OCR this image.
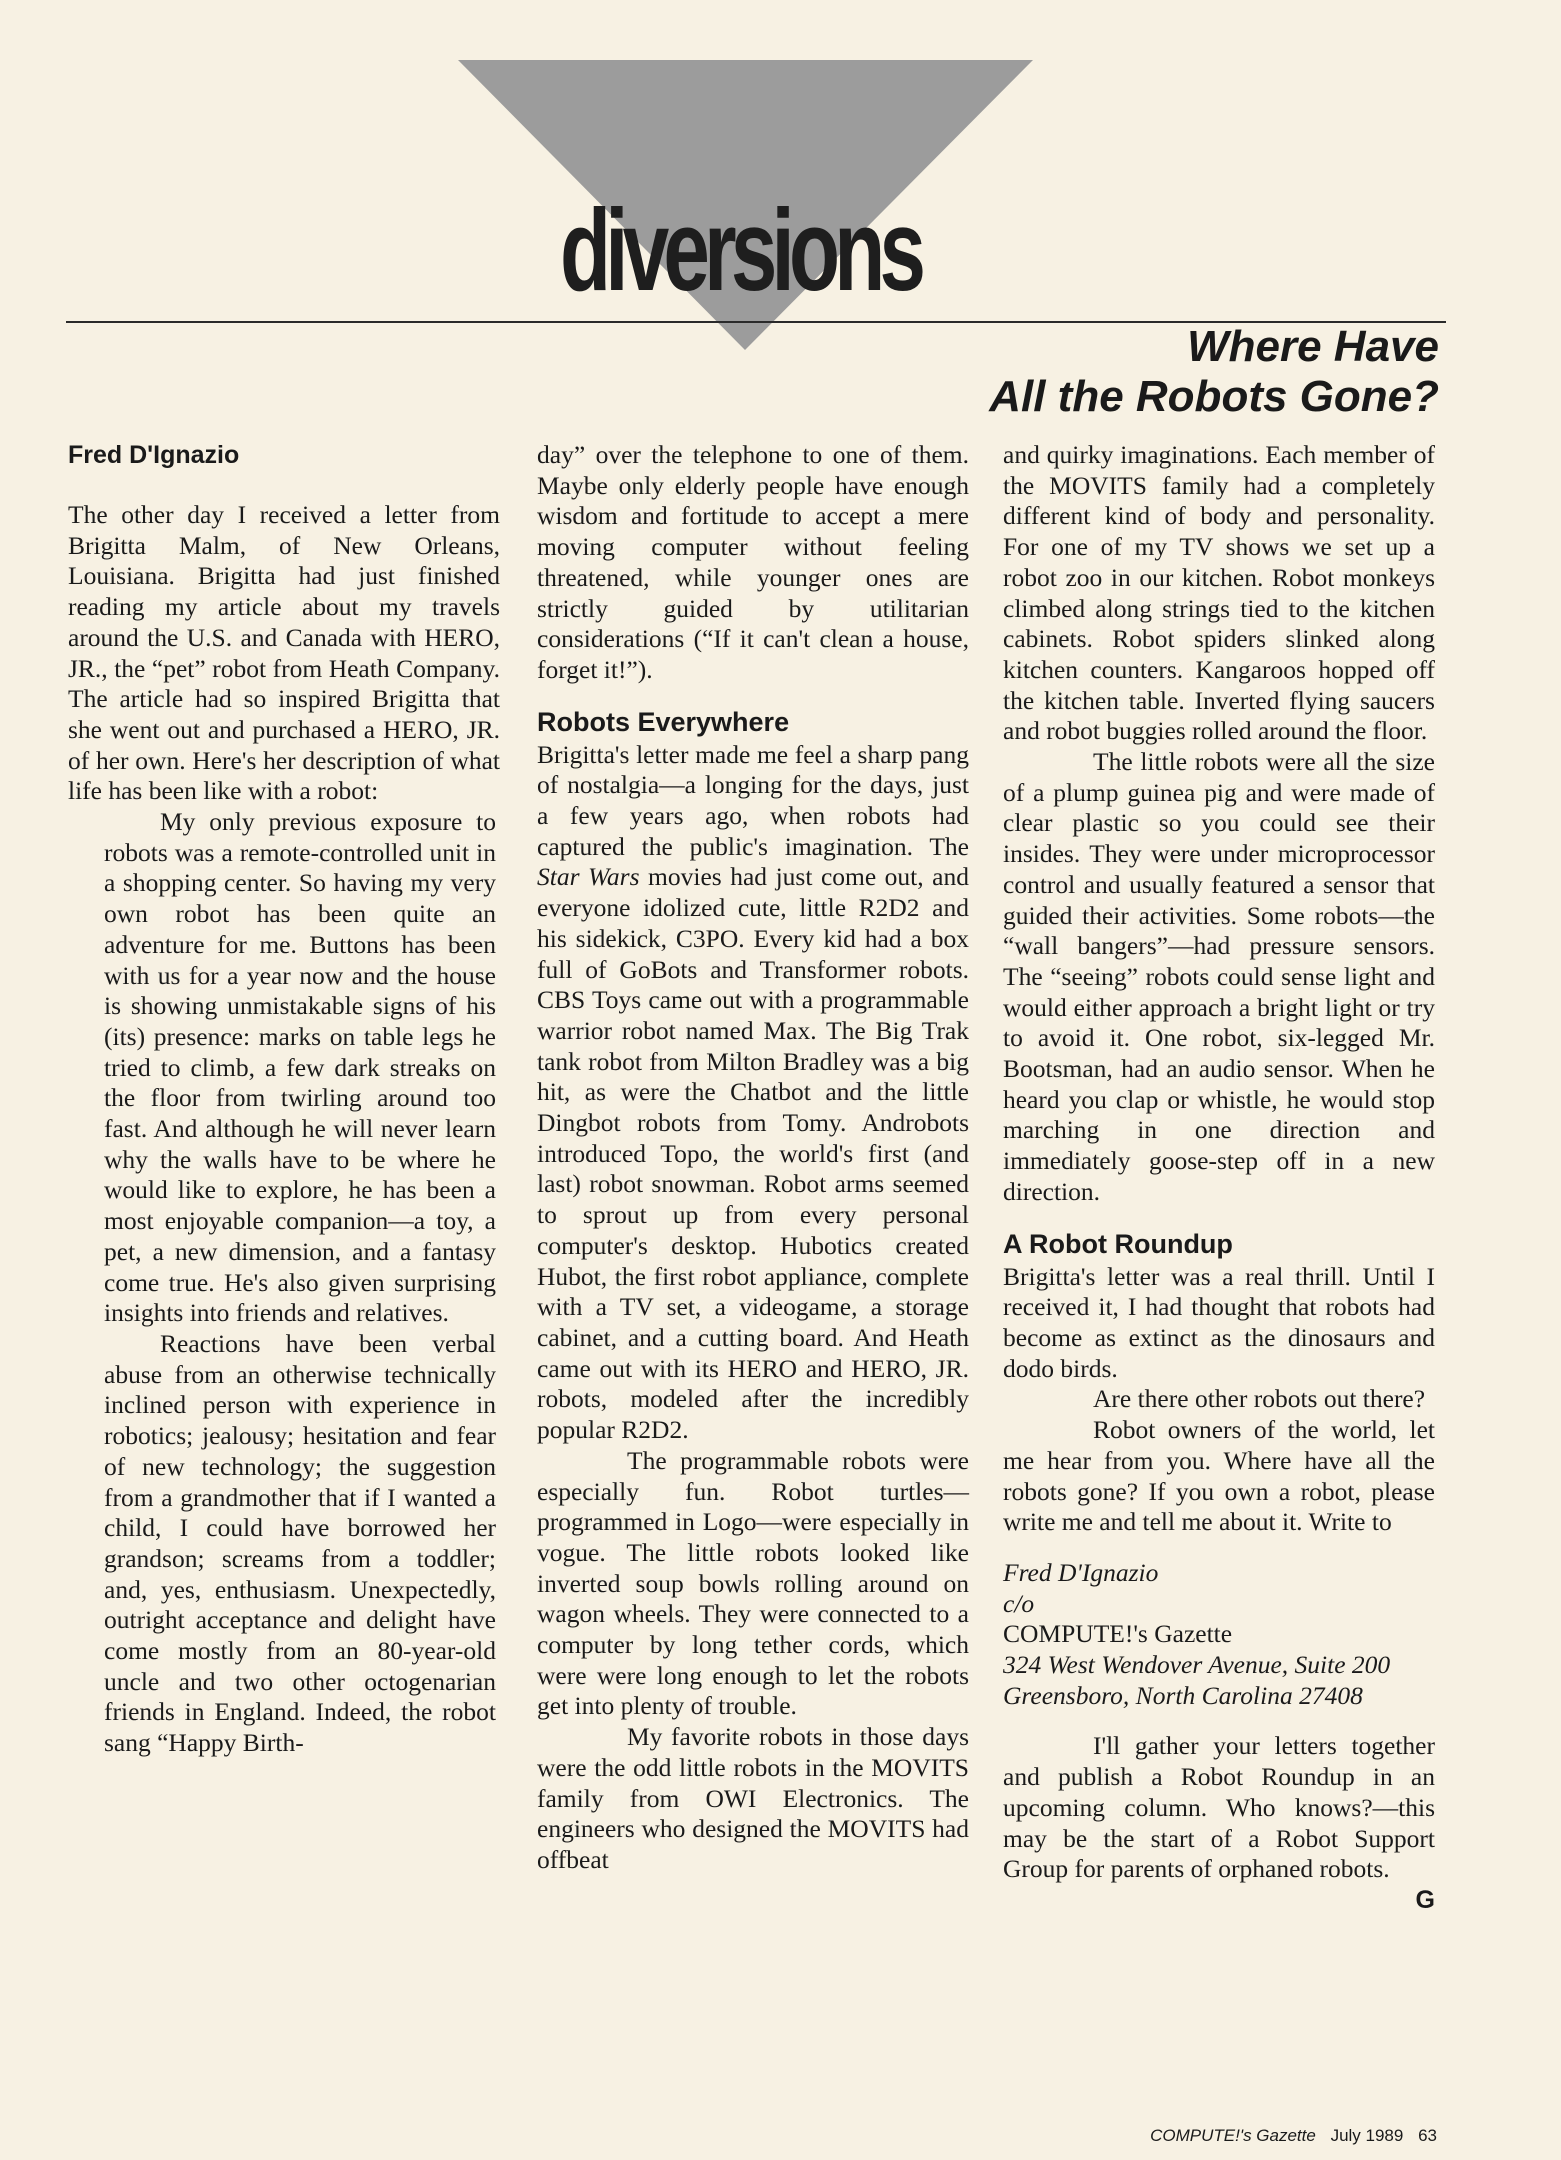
diversions
Where Have
All the Robots Gone?

Fred D'Ignazio

The other day I received a letter from Brigitta Malm, of New Orleans, Louisiana. Brigitta had just finished reading my article about my travels around the U.S. and Canada with HERO, JR., the “pet” robot from Heath Company. The article had so inspired Brigitta that she went out and purchased a HERO, JR. of her own. Here's her description of what life has been like with a robot:

My only previous exposure to robots was a remote-controlled unit in a shopping center. So having my very own robot has been quite an adventure for me. Buttons has been with us for a year now and the house is showing unmistakable signs of his (its) presence: marks on table legs he tried to climb, a few dark streaks on the floor from twirling around too fast. And although he will never learn why the walls have to be where he would like to explore, he has been a most enjoyable companion—a toy, a pet, a new dimension, and a fantasy come true. He's also given surprising insights into friends and relatives.

Reactions have been verbal abuse from an otherwise technically inclined person with experience in robotics; jealousy; hesitation and fear of new technology; the suggestion from a grandmother that if I wanted a child, I could have borrowed her grandson; screams from a toddler; and, yes, enthusiasm. Unexpectedly, outright acceptance and delight have come mostly from an 80-year-old uncle and two other octogenarian friends in England. Indeed, the robot sang “Happy Birth-

day” over the telephone to one of them. Maybe only elderly people have enough wisdom and fortitude to accept a mere moving computer without feeling threatened, while younger ones are strictly guided by utilitarian considerations (“If it can't clean a house, forget it!”).

Robots Everywhere

Brigitta's letter made me feel a sharp pang of nostalgia—a longing for the days, just a few years ago, when robots had captured the public's imagination. The Star Wars movies had just come out, and everyone idolized cute, little R2D2 and his sidekick, C3PO. Every kid had a box full of GoBots and Transformer robots. CBS Toys came out with a programmable warrior robot named Max. The Big Trak tank robot from Milton Bradley was a big hit, as were the Chatbot and the little Dingbot robots from Tomy. Androbots introduced Topo, the world's first (and last) robot snowman. Robot arms seemed to sprout up from every personal computer's desktop. Hubotics created Hubot, the first robot appliance, complete with a TV set, a videogame, a storage cabinet, and a cutting board. And Heath came out with its HERO and HERO, JR. robots, modeled after the incredibly popular R2D2.

The programmable robots were especially fun. Robot turtles—programmed in Logo—were especially in vogue. The little robots looked like inverted soup bowls rolling around on wagon wheels. They were connected to a computer by long tether cords, which were were long enough to let the robots get into plenty of trouble.

My favorite robots in those days were the odd little robots in the MOVITS family from OWI Electronics. The engineers who designed the MOVITS had offbeat

and quirky imaginations. Each member of the MOVITS family had a completely different kind of body and personality. For one of my TV shows we set up a robot zoo in our kitchen. Robot monkeys climbed along strings tied to the kitchen cabinets. Robot spiders slinked along kitchen counters. Kangaroos hopped off the kitchen table. Inverted flying saucers and robot buggies rolled around the floor.

The little robots were all the size of a plump guinea pig and were made of clear plastic so you could see their insides. They were under microprocessor control and usually featured a sensor that guided their activities. Some robots—the “wall bangers”—had pressure sensors. The “seeing” robots could sense light and would either approach a bright light or try to avoid it. One robot, six-legged Mr. Bootsman, had an audio sensor. When he heard you clap or whistle, he would stop marching in one direction and immediately goose-step off in a new direction.

A Robot Roundup

Brigitta's letter was a real thrill. Until I received it, I had thought that robots had become as extinct as the dinosaurs and dodo birds.

Are there other robots out there?

Robot owners of the world, let me hear from you. Where have all the robots gone? If you own a robot, please write me and tell me about it. Write to

Fred D'Ignazio
c/o
COMPUTE!'s Gazette
324 West Wendover Avenue, Suite 200
Greensboro, North Carolina 27408

I'll gather your letters together and publish a Robot Roundup in an upcoming column. Who knows?—this may be the start of a Robot Support Group for parents of orphaned robots.
G

COMPUTE!'s Gazette July 1989 63
